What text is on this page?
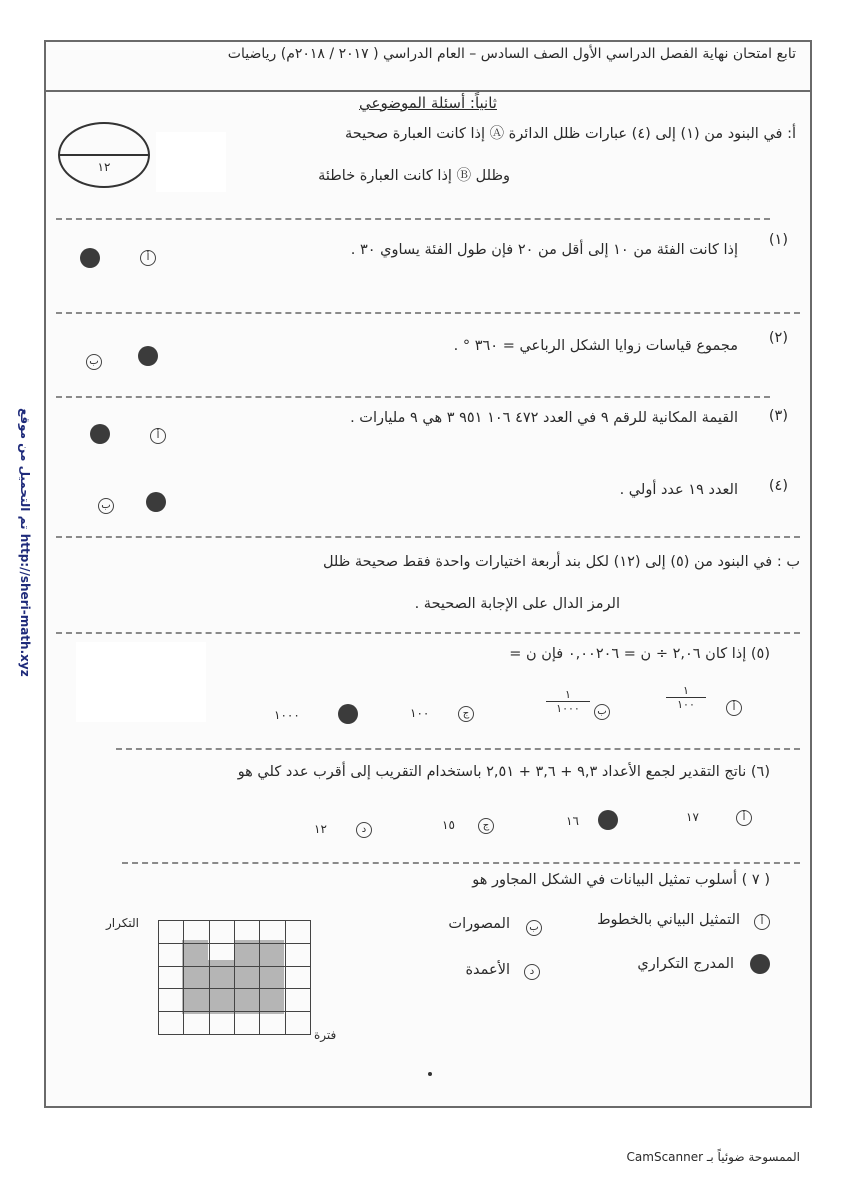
تابع امتحان نهاية الفصل الدراسي الأول الصف السادس – العام الدراسي ( ٢٠١٧ / ٢٠١٨م) رياضيات
ثانياً: أسئلة الموضوعي
١٢
أ: في البنود من (١) إلى (٤) عبارات ظلل الدائرة Ⓐ إذا كانت العبارة صحيحة
وظلل Ⓑ إذا كانت العبارة خاطئة
(١)
إذا كانت الفئة من ١٠ إلى أقل من ٢٠ فإن طول الفئة يساوي ٣٠ .
أ
(٢)
مجموع قياسات زوايا الشكل الرباعي = ٣٦٠ ° .
ب
(٣)
القيمة المكانية للرقم ٩ في العدد ٤٧٢ ١٠٦ ٩٥١ ٣ هي ٩ مليارات .
أ
(٤)
العدد ١٩ عدد أولي .
ب
ب : في البنود من (٥) إلى (١٢) لكل بند أربعة اختيارات واحدة فقط صحيحة ظلل
الرمز الدال على الإجابة الصحيحة .
(٥) إذا كان ٢,٠٦ ÷ ن = ٠,٠٠٢٠٦ فإن ن =
أ
١
١٠٠
ب
١
١٠٠٠
ج
١٠٠
١٠٠٠
(٦) ناتج التقدير لجمع الأعداد ٩,٣ + ٣,٦ + ٢,٥١ باستخدام التقريب إلى أقرب عدد كلي هو
أ
١٧
١٦
ج
١٥
د
١٢
( ٧ ) أسلوب تمثيل البيانات في الشكل المجاور هو
أ
التمثيل البياني بالخطوط
ب
المصورات
المدرج التكراري
د
الأعمدة
التكرار
فترة
تم التحميل من موقع http://sheri-math.xyz
الممسوحة ضوئياً بـ CamScanner
